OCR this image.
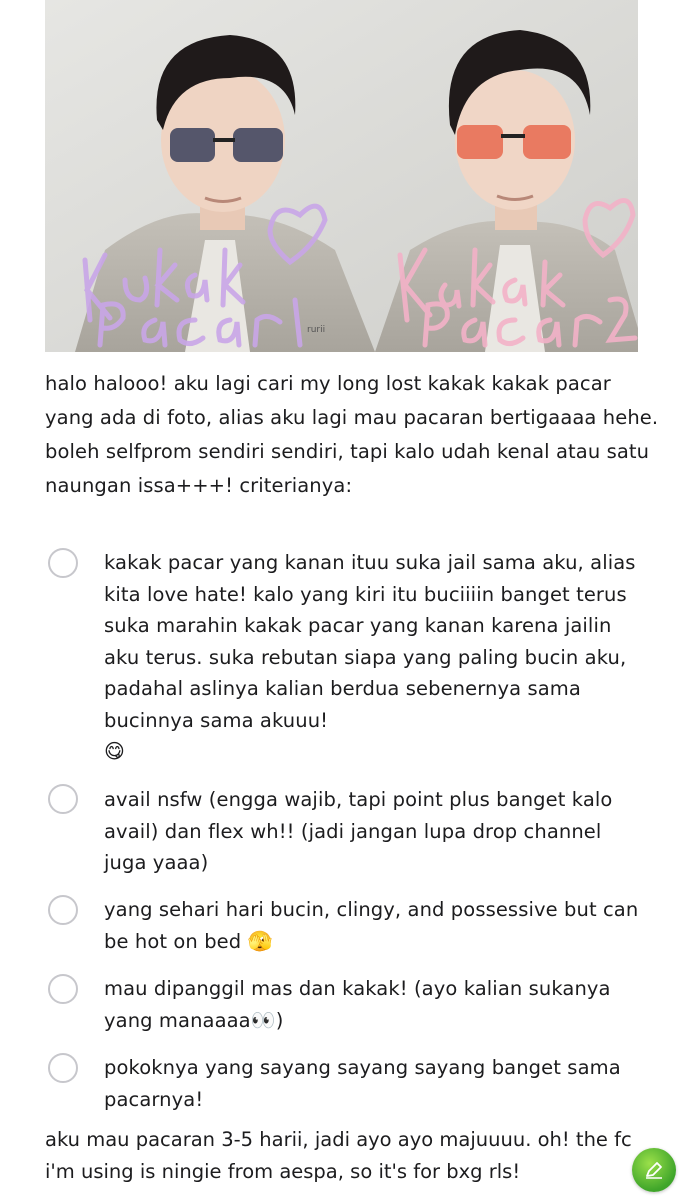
rurii

halo halooo! aku lagi cari my long lost kakak kakak pacar yang ada di foto, alias aku lagi mau pacaran bertigaaaa hehe. boleh selfprom sendiri sendiri, tapi kalo udah kenal atau satu naungan issa+++! criterianya:

kakak pacar yang kanan ituu suka jail sama aku, alias kita love hate! kalo yang kiri itu buciiiin banget terus suka marahin kakak pacar yang kanan karena jailin aku terus. suka rebutan siapa yang paling bucin aku, padahal aslinya kalian berdua sebenernya sama bucinnya sama akuuu!
😋
avail nsfw (engga wajib, tapi point plus banget kalo avail) dan flex wh!! (jadi jangan lupa drop channel juga yaaa)
yang sehari hari bucin, clingy, and possessive but can be hot on bed 🫣
mau dipanggil mas dan kakak! (ayo kalian sukanya yang manaaaa👀)
pokoknya yang sayang sayang sayang banget sama pacarnya!
aku mau pacaran 3-5 harii, jadi ayo ayo majuuuu. oh! the fc i'm using is ningie from aespa, so it's for bxg rls!
